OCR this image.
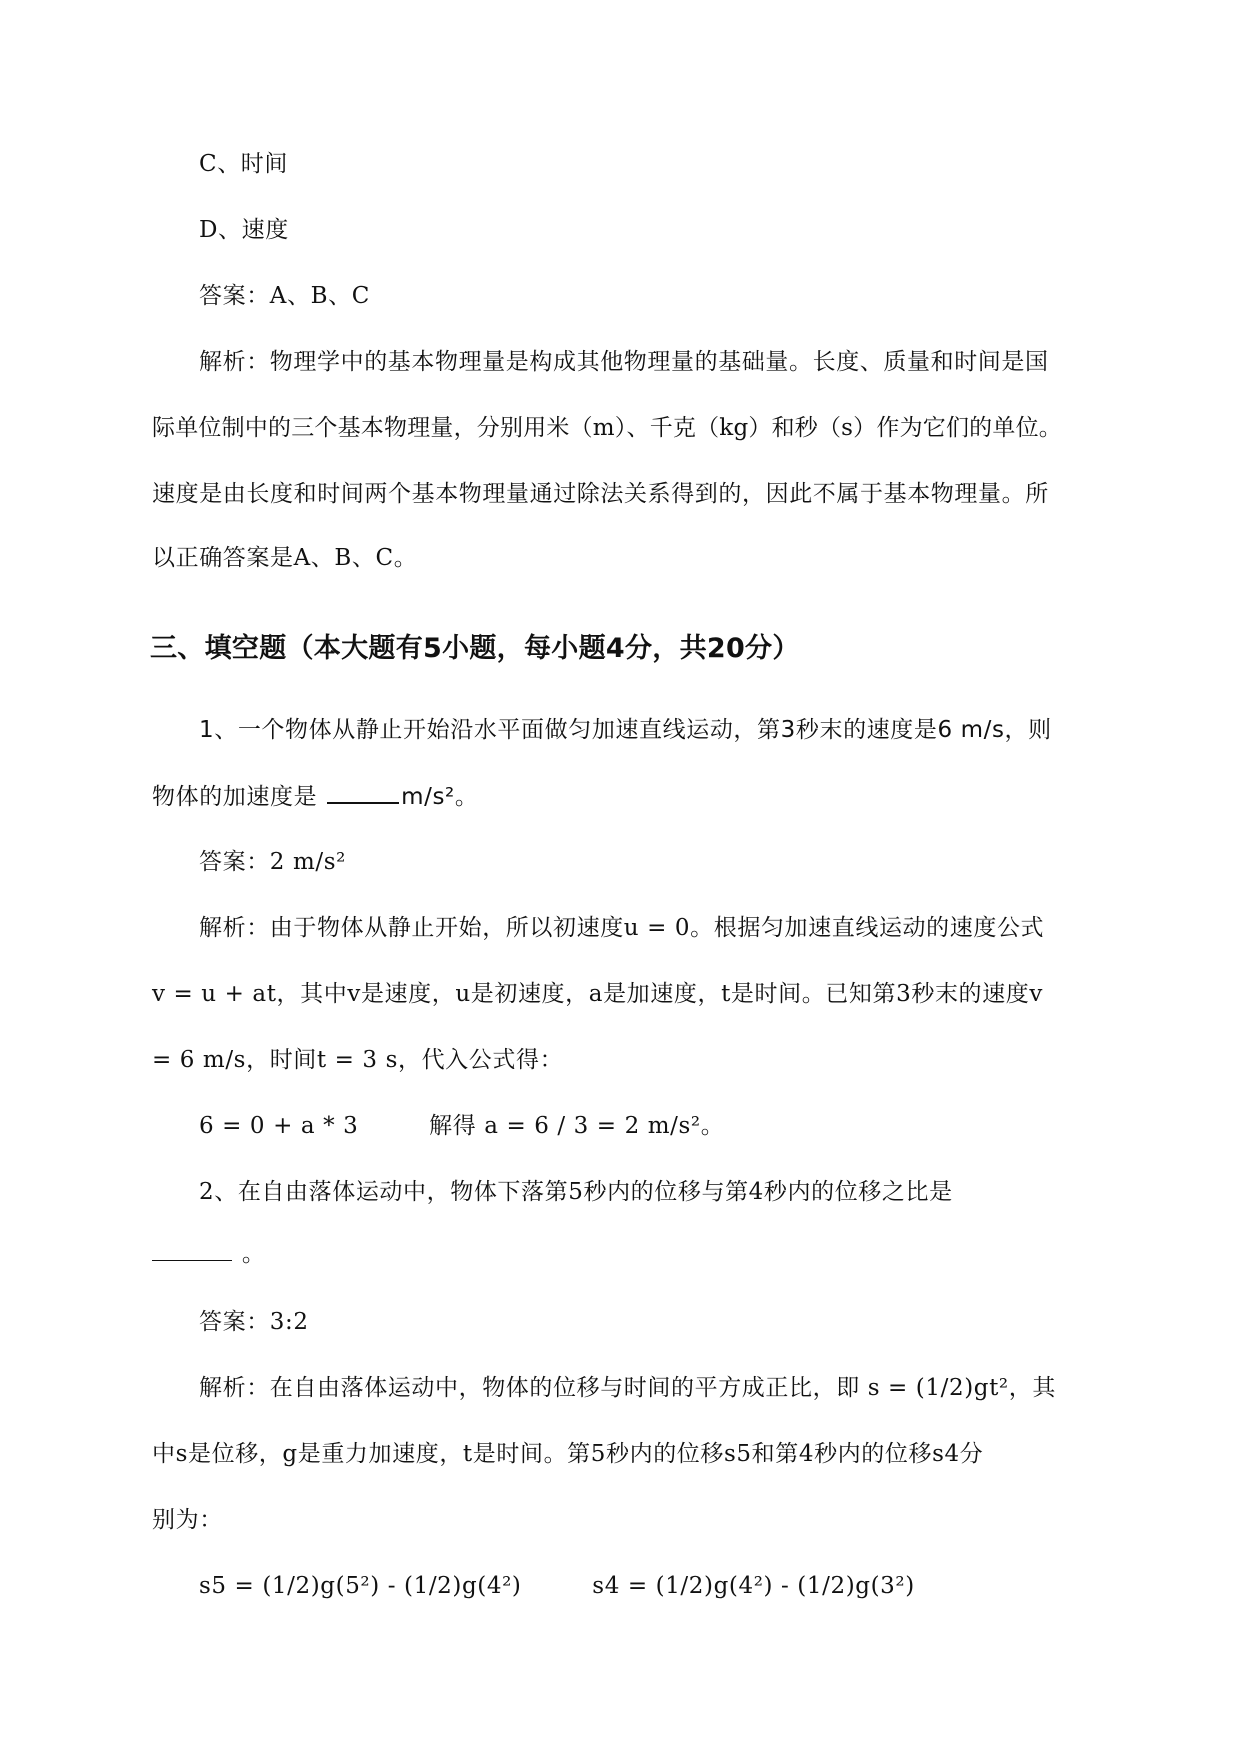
C、时间
D、速度
答案：A、B、C
解析：物理学中的基本物理量是构成其他物理量的基础量。长度、质量和时间是国
际单位制中的三个基本物理量，分别用米（m）、千克（kg）和秒（s）作为它们的单位。
速度是由长度和时间两个基本物理量通过除法关系得到的，因此不属于基本物理量。所
以正确答案是A、B、C。
三、填空题（本大题有5小题，每小题4分，共20分）
1、一个物体从静止开始沿水平面做匀加速直线运动，第3秒末的速度是6 m/s，则
物体的加速度是	m/s²。
答案：2 m/s²
解析：由于物体从静止开始，所以初速度u = 0。根据匀加速直线运动的速度公式
v = u + at，其中v是速度，u是初速度，a是加速度，t是时间。已知第3秒末的速度v
= 6 m/s，时间t = 3 s，代入公式得：
6 = 0 + a * 3　　　解得 a = 6 / 3 = 2 m/s²。
2、在自由落体运动中，物体下落第5秒内的位移与第4秒内的位移之比是
。
答案：3:2
解析：在自由落体运动中，物体的位移与时间的平方成正比，即 s = (1/2)gt²，其
中s是位移，g是重力加速度，t是时间。第5秒内的位移s5和第4秒内的位移s4分
别为：
s5 = (1/2)g(5²) - (1/2)g(4²)　　　s4 = (1/2)g(4²) - (1/2)g(3²)
